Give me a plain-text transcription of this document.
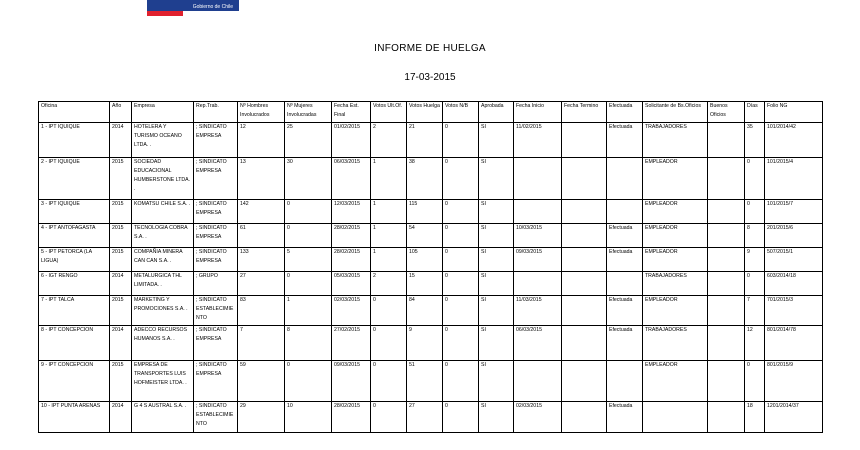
Gobierno de Chile
INFORME DE HUELGA
17-03-2015
Oficina	Año	Empresa	Rep.Trab.	Nº Hombres Involucrados	Nº Mujeres Involucradas	Fecha Est. Final	Votos Ult.Of.	Votos Huelga	Votos N/B	Aprobada	Fecha Inicio	Fecha Termino	Efectuada	Solicitante de Bs.Oficios	Buenos Oficios	Días	Folio NG
1 - IPT IQUIQUE	2014	HOTELERA Y TURISMO OCEANO LTDA. .	; SINDICATO EMPRESA	12	25	01/02/2015	2	21	0	SI	11/02/2015		Efectuada	TRABAJADORES		35	101/2014/42
2 - IPT IQUIQUE	2015	SOCIEDAD EDUCACIONAL HUMBERSTONE LTDA. .	; SINDICATO EMPRESA	13	30	06/03/2015	1	38	0	SI				EMPLEADOR		0	101/2015/4
3 - IPT IQUIQUE	2015	KOMATSU CHILE S.A. .	; SINDICATO EMPRESA	142	0	12/03/2015	1	115	0	SI				EMPLEADOR		0	101/2015/7
4 - IPT ANTOFAGASTA	2015	TECNOLOGIA COBRA S.A. .	; SINDICATO EMPRESA	61	0	28/02/2015	1	54	0	SI	10/03/2015		Efectuada	EMPLEADOR		8	201/2015/6
5 - IPT PETORCA (LA LIGUA)	2015	COMPAÑIA MINERA CAN CAN S.A. .	; SINDICATO EMPRESA	133	5	28/02/2015	1	105	0	SI	09/03/2015		Efectuada	EMPLEADOR		9	507/2015/1
6 - IGT RENGO	2014	METALURGICA THL LIMITADA. .	; GRUPO	27	0	05/03/2015	2	15	0	SI				TRABAJADORES		0	603/2014/18
7 - IPT TALCA	2015	MARKETING Y PROMOCIONES S.A. .	; SINDICATO ESTABLECIMIENTO	83	1	02/03/2015	0	84	0	SI	11/03/2015		Efectuada	EMPLEADOR		7	701/2015/3
8 - IPT CONCEPCION	2014	ADECCO RECURSOS HUMANOS S.A. .	; SINDICATO EMPRESA	7	8	27/02/2015	0	9	0	SI	06/03/2015		Efectuada	TRABAJADORES		12	801/2014/78
9 - IPT CONCEPCION	2015	EMPRESA DE TRANSPORTES LUIS HOFMEISTER LTDA. .	; SINDICATO EMPRESA	59	0	09/03/2015	0	51	0	SI				EMPLEADOR		0	801/2015/9
10 - IPT PUNTA ARENAS	2014	G 4 S AUSTRAL S.A. .	; SINDICATO ESTABLECIMIENTO	29	10	28/02/2015	0	27	0	SI	02/03/2015		Efectuada			18	1201/2014/37
